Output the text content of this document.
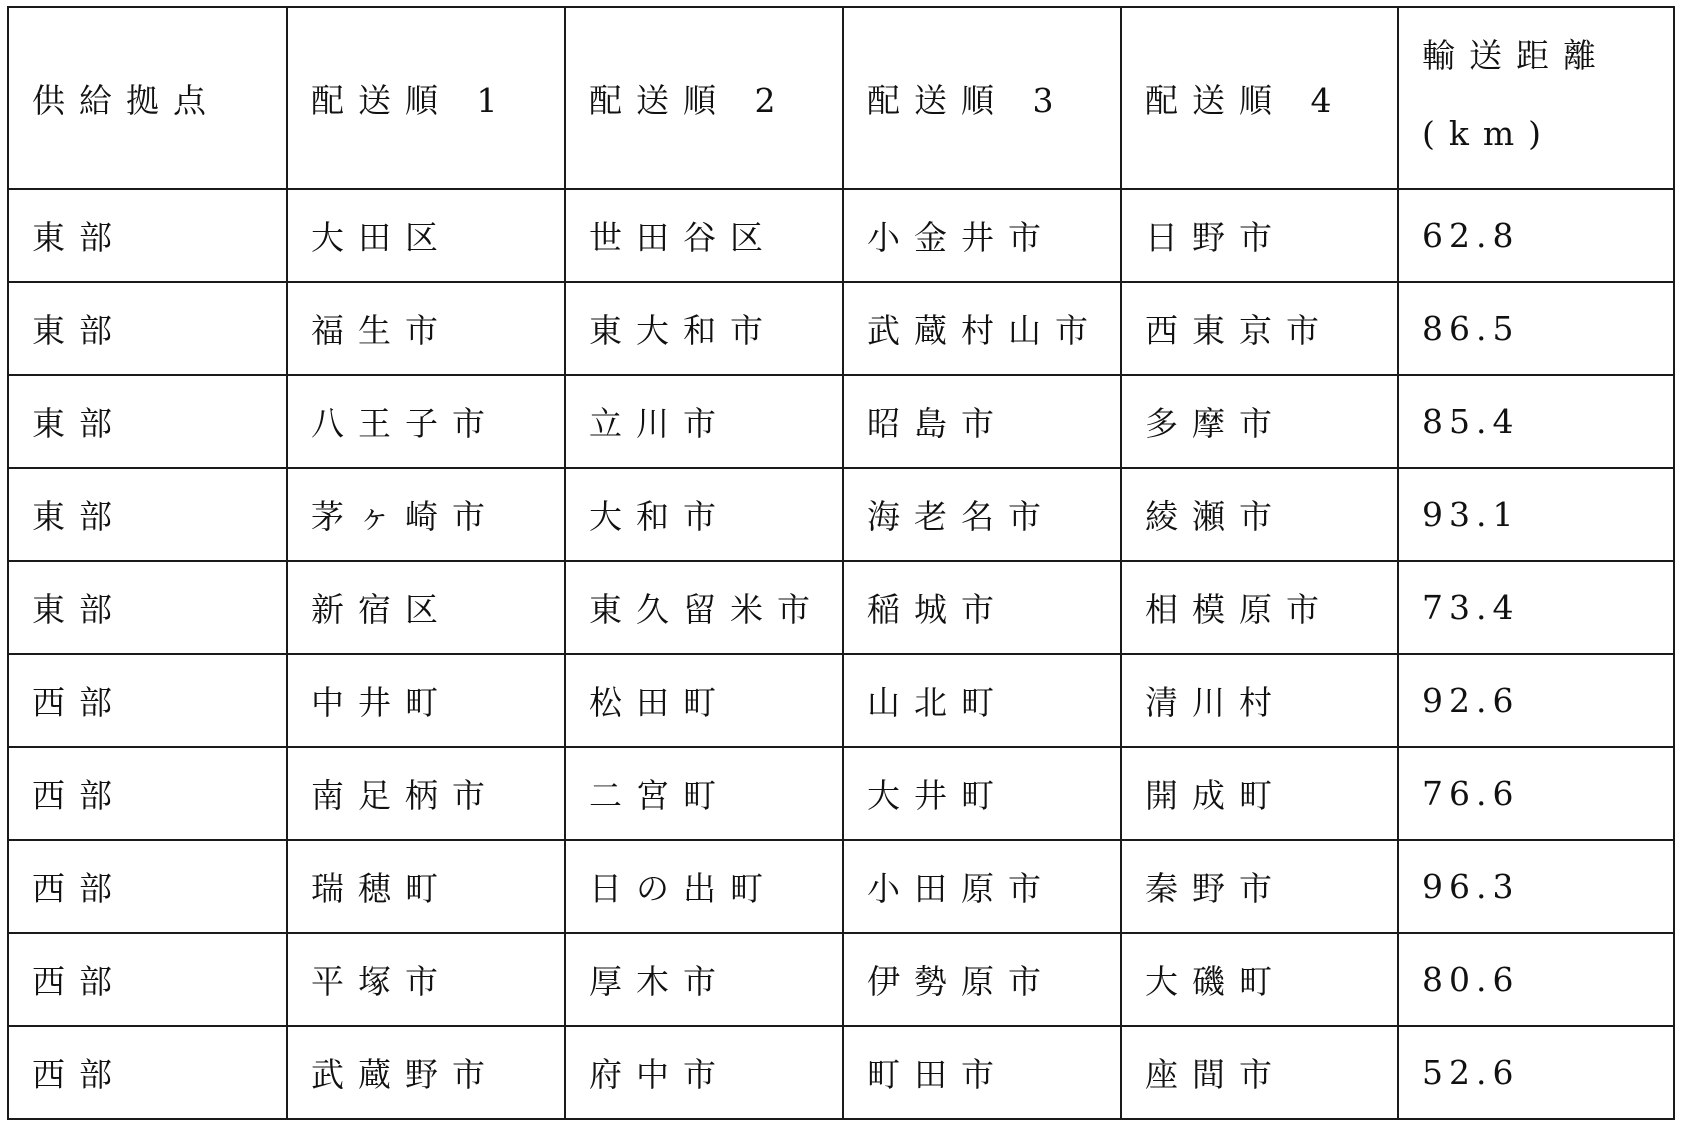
供給拠点	配送順 1	配送順 2	配送順 3	配送順 4	輸送距離
(km)

東部	大田区	世田谷区	小金井市	日野市	62.8
東部	福生市	東大和市	武蔵村山市	西東京市	86.5
東部	八王子市	立川市	昭島市	多摩市	85.4
東部	茅ヶ崎市	大和市	海老名市	綾瀬市	93.1
東部	新宿区	東久留米市	稲城市	相模原市	73.4
西部	中井町	松田町	山北町	清川村	92.6
西部	南足柄市	二宮町	大井町	開成町	76.6
西部	瑞穂町	日の出町	小田原市	秦野市	96.3
西部	平塚市	厚木市	伊勢原市	大磯町	80.6
西部	武蔵野市	府中市	町田市	座間市	52.6
